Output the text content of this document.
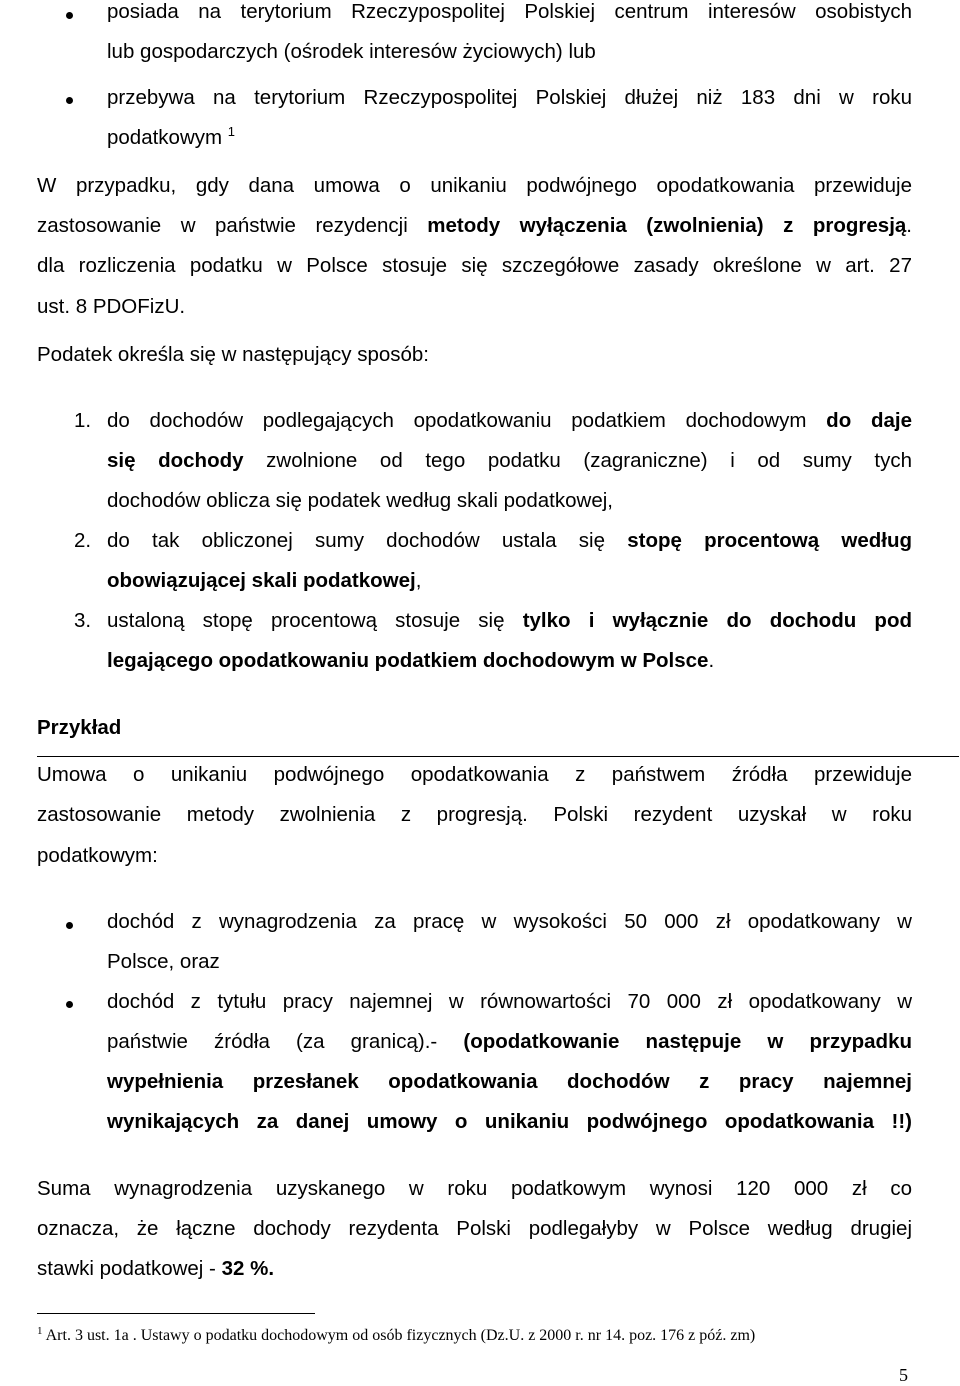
posiada na terytorium Rzeczypospolitej Polskiej centrum interesów osobistych
lub gospodarczych (ośrodek interesów życiowych) lub
przebywa na terytorium Rzeczypospolitej Polskiej dłużej niż 183 dni w roku
podatkowym $^1$
W przypadku, gdy dana umowa o unikaniu podwójnego opodatkowania przewiduje
zastosowanie w państwie rezydencji metody wyłączenia (zwolnienia) z progresją.
dla rozliczenia podatku w Polsce stosuje się szczegółowe zasady określone w art. 27
ust. 8 PDOFizU.
Podatek określa się w następujący sposób:
1. do dochodów podlegających opodatkowaniu podatkiem dochodowym do daje
się dochody zwolnione od tego podatku (zagraniczne) i od sumy tych
dochodów oblicza się podatek według skali podatkowej,
2. do tak obliczonej sumy dochodów ustala się stopę procentową według
obowiązującej skali podatkowej,
3. ustaloną stopę procentową stosuje się tylko i wyłącznie do dochodu pod
legającego opodatkowaniu podatkiem dochodowym w Polsce.
Przykład
Umowa o unikaniu podwójnego opodatkowania z państwem źródła przewiduje
zastosowanie metody zwolnienia z progresją. Polski rezydent uzyskał w roku
podatkowym:
dochód z wynagrodzenia za pracę w wysokości 50 000 zł opodatkowany w
Polsce, oraz
dochód z tytułu pracy najemnej w równowartości 70 000 zł opodatkowany w
państwie źródła (za granicą).- (opodatkowanie następuje w przypadku
wypełnienia przesłanek opodatkowania dochodów z pracy najemnej
wynikających za danej umowy o unikaniu podwójnego opodatkowania !!)
Suma wynagrodzenia uzyskanego w roku podatkowym wynosi 120 000 zł co
oznacza, że łączne dochody rezydenta Polski podlegałyby w Polsce według drugiej
stawki podatkowej - 32 %.
$^1$ Art. 3 ust. 1a . Ustawy o podatku dochodowym od osób fizycznych (Dz.U. z 2000 r. nr 14. poz. 176 z póź. zm)
5
